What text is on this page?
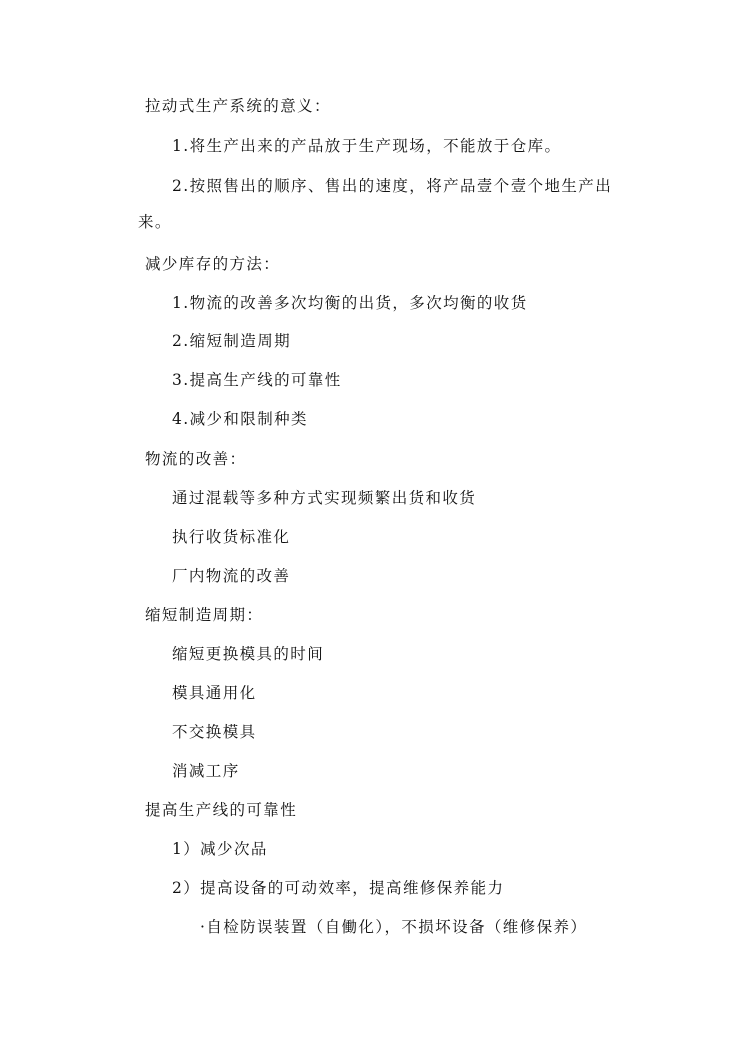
拉动式生产系统的意义：
1.将生产出来的产品放于生产现场，不能放于仓库。
2.按照售出的顺序、售出的速度，将产品壹个壹个地生产出
来。
减少库存的方法：
1.物流的改善多次均衡的出货，多次均衡的收货
2.缩短制造周期
3.提高生产线的可靠性
4.减少和限制种类
物流的改善：
通过混载等多种方式实现频繁出货和收货
执行收货标准化
厂内物流的改善
缩短制造周期：
缩短更换模具的时间
模具通用化
不交换模具
消减工序
提高生产线的可靠性
1）减少次品
2）提高设备的可动效率，提高维修保养能力
·自检防误装置（自働化），不损坏设备（维修保养）
